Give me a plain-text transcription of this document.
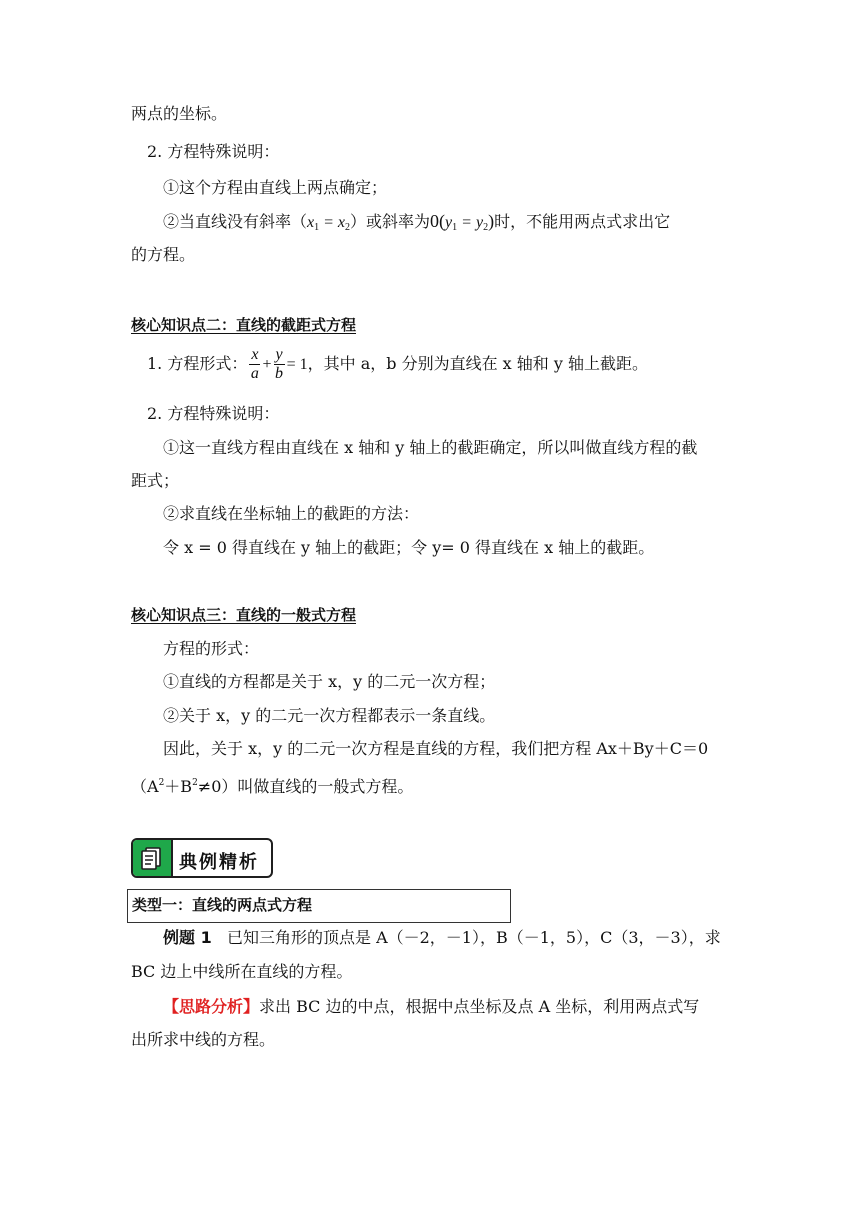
两点的坐标。
2. 方程特殊说明：
①这个方程由直线上两点确定；
②当直线没有斜率$(x_1 = x_2)$或斜率为$0(y_1 = y_2)$时，不能用两点式求出它
的方程。
核心知识点二：直线的截距式方程
1. 方程形式： $\frac{x}{a} + \frac{y}{b} = 1$，其中 a，b 分别为直线在 x 轴和 y 轴上截距。
2. 方程特殊说明：
①这一直线方程由直线在 x 轴和 y 轴上的截距确定，所以叫做直线方程的截
距式；
②求直线在坐标轴上的截距的方法：
令 x = 0 得直线在 y 轴上的截距；令 y= 0 得直线在 x 轴上的截距。
核心知识点三：直线的一般式方程
方程的形式：
①直线的方程都是关于 x，y 的二元一次方程；
②关于 x，y 的二元一次方程都表示一条直线。
因此，关于 x，y 的二元一次方程是直线的方程，我们把方程 Ax＋By＋C＝0
$(A^2+B^2\ne 0)$叫做直线的一般式方程。
典例精析
类型一：直线的两点式方程
例题 1 已知三角形的顶点是 A（－2，－1），B（－1，5），C（3，－3），求
BC 边上中线所在直线的方程。
【思路分析】求出 BC 边的中点，根据中点坐标及点 A 坐标，利用两点式写
出所求中线的方程。
